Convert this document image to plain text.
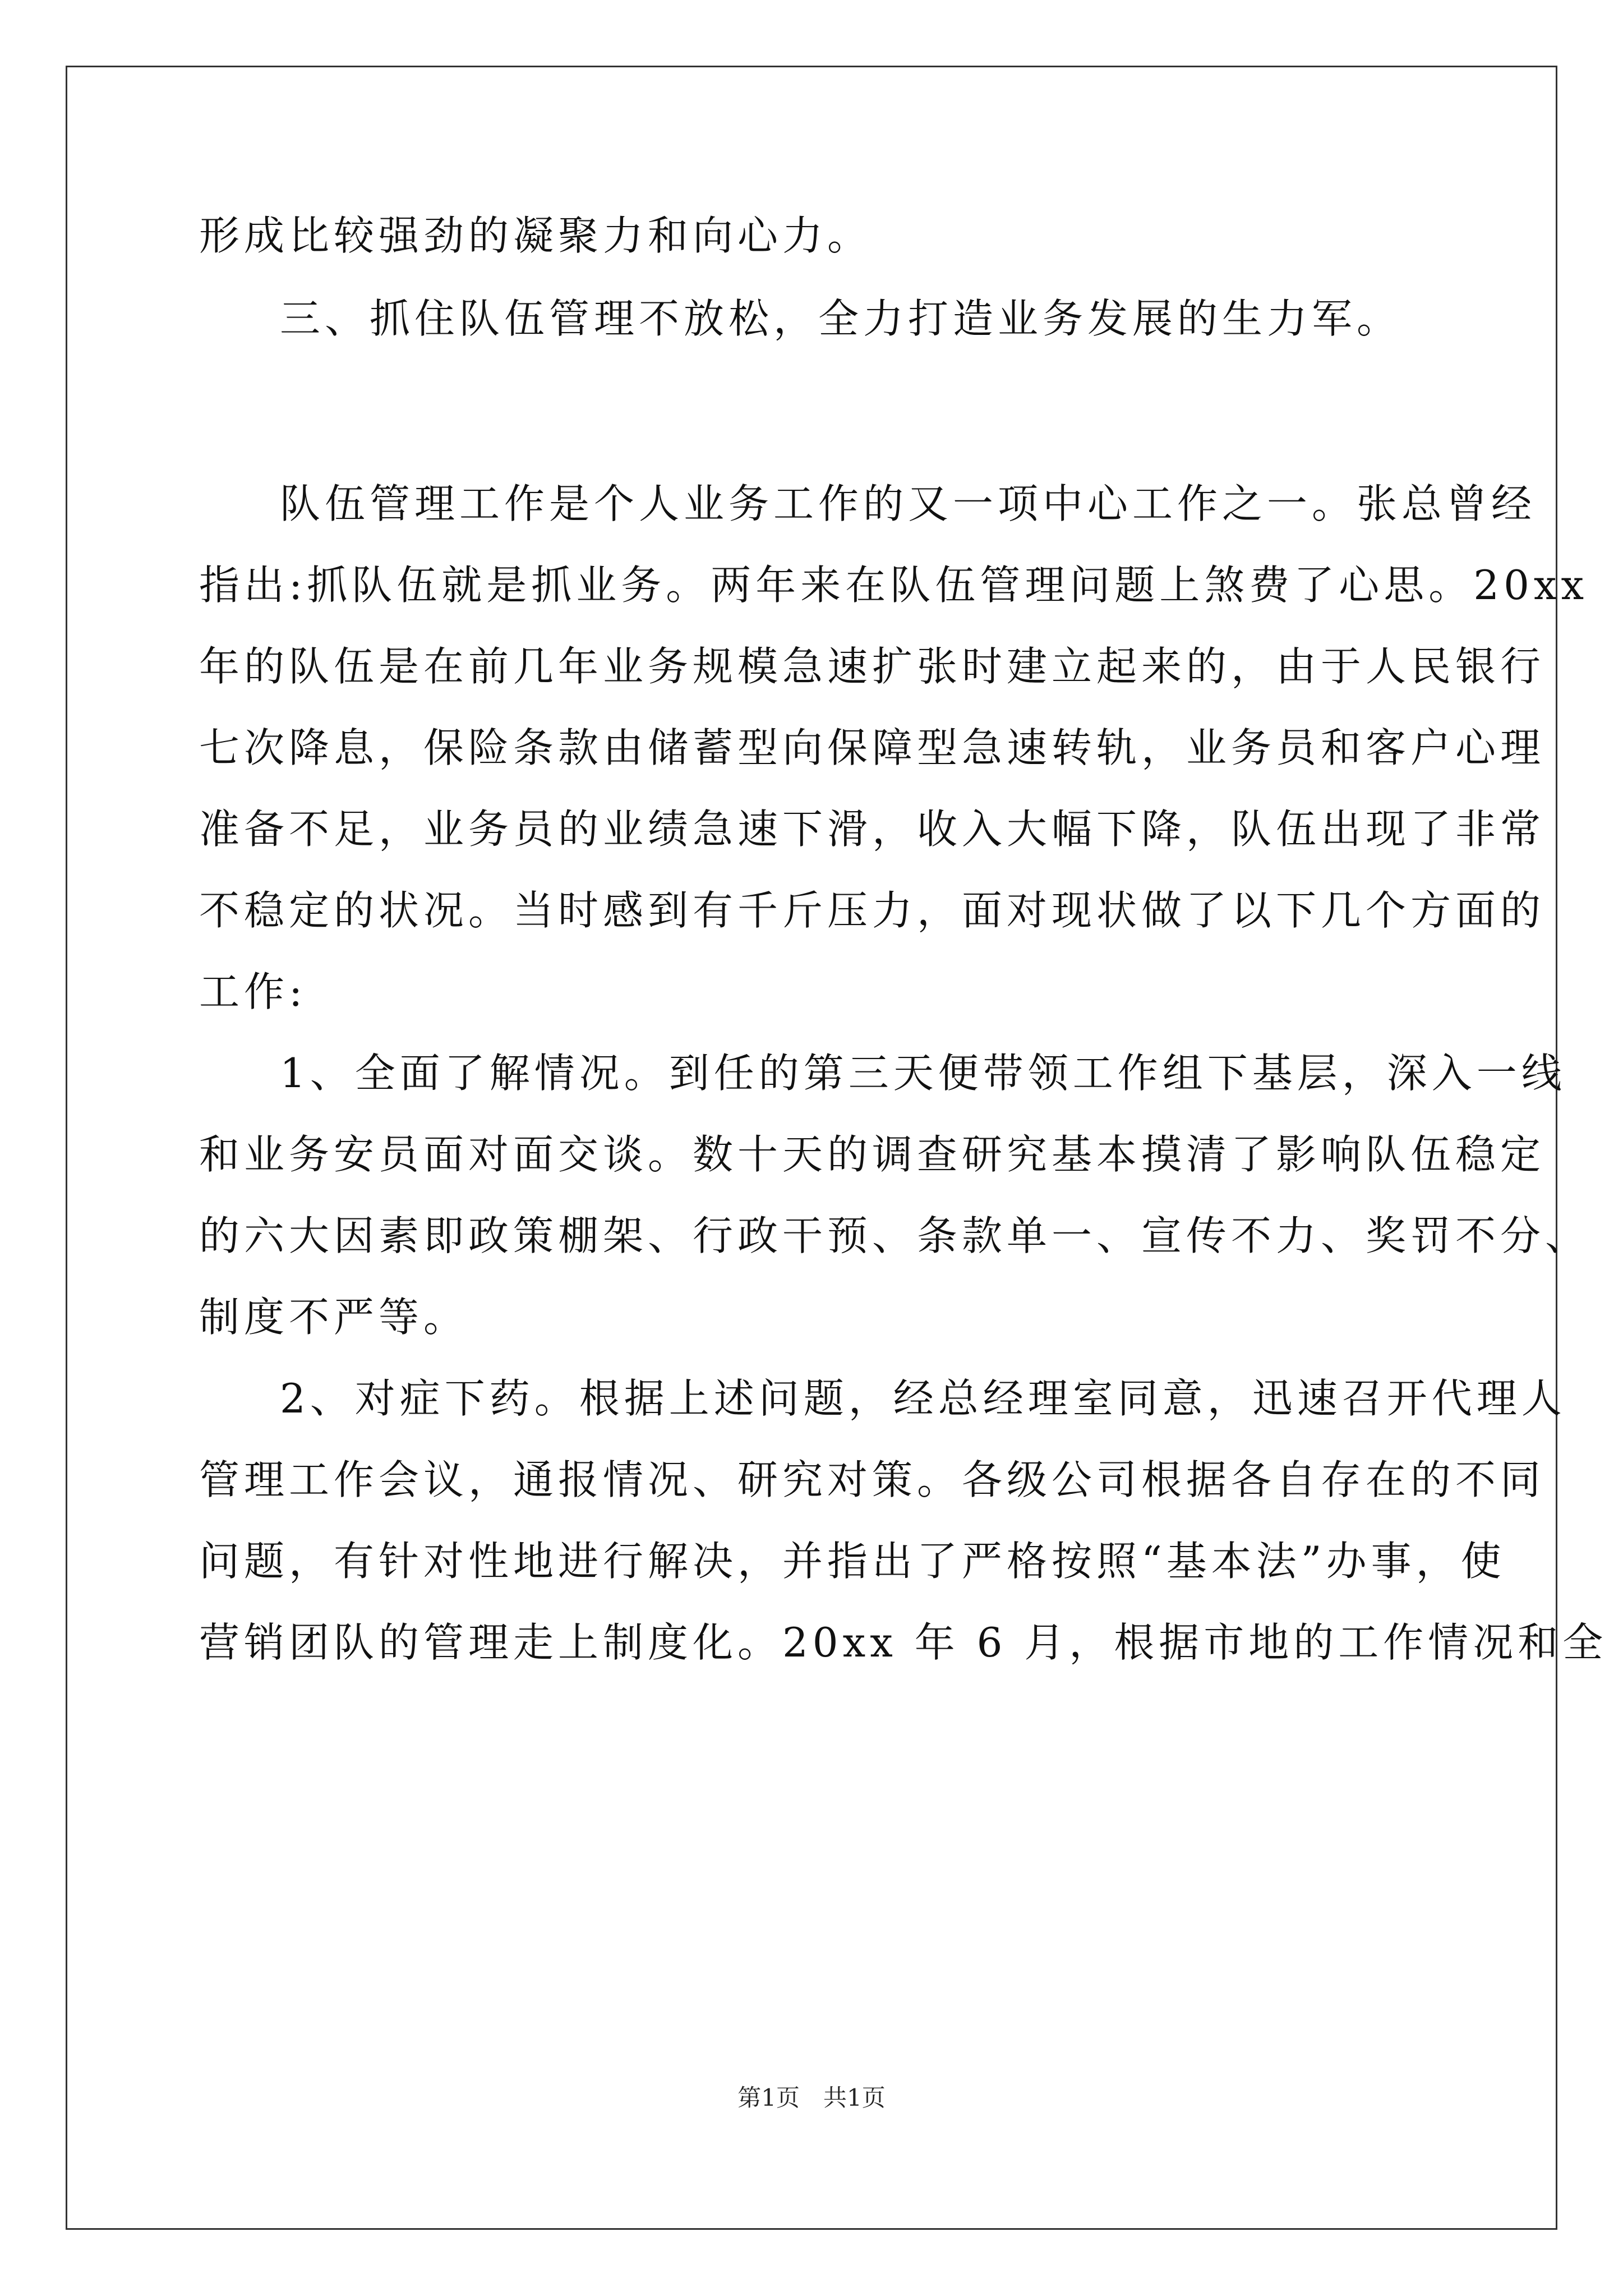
形成比较强劲的凝聚力和向心力。
三、抓住队伍管理不放松，全力打造业务发展的生力军。
队伍管理工作是个人业务工作的又一项中心工作之一。张总曾经
指出:抓队伍就是抓业务。两年来在队伍管理问题上煞费了心思。20xx
年的队伍是在前几年业务规模急速扩张时建立起来的，由于人民银行
七次降息，保险条款由储蓄型向保障型急速转轨，业务员和客户心理
准备不足，业务员的业绩急速下滑，收入大幅下降，队伍出现了非常
不稳定的状况。当时感到有千斤压力，面对现状做了以下几个方面的
工作:
1、全面了解情况。到任的第三天便带领工作组下基层，深入一线
和业务安员面对面交谈。数十天的调查研究基本摸清了影响队伍稳定
的六大因素即政策棚架、行政干预、条款单一、宣传不力、奖罚不分、
制度不严等。
2、对症下药。根据上述问题，经总经理室同意，迅速召开代理人
管理工作会议，通报情况、研究对策。各级公司根据各自存在的不同
问题，有针对性地进行解决，并指出了严格按照“基本法”办事，使
营销团队的管理走上制度化。20xx 年 6 月，根据市地的工作情况和全
第1页　共1页
